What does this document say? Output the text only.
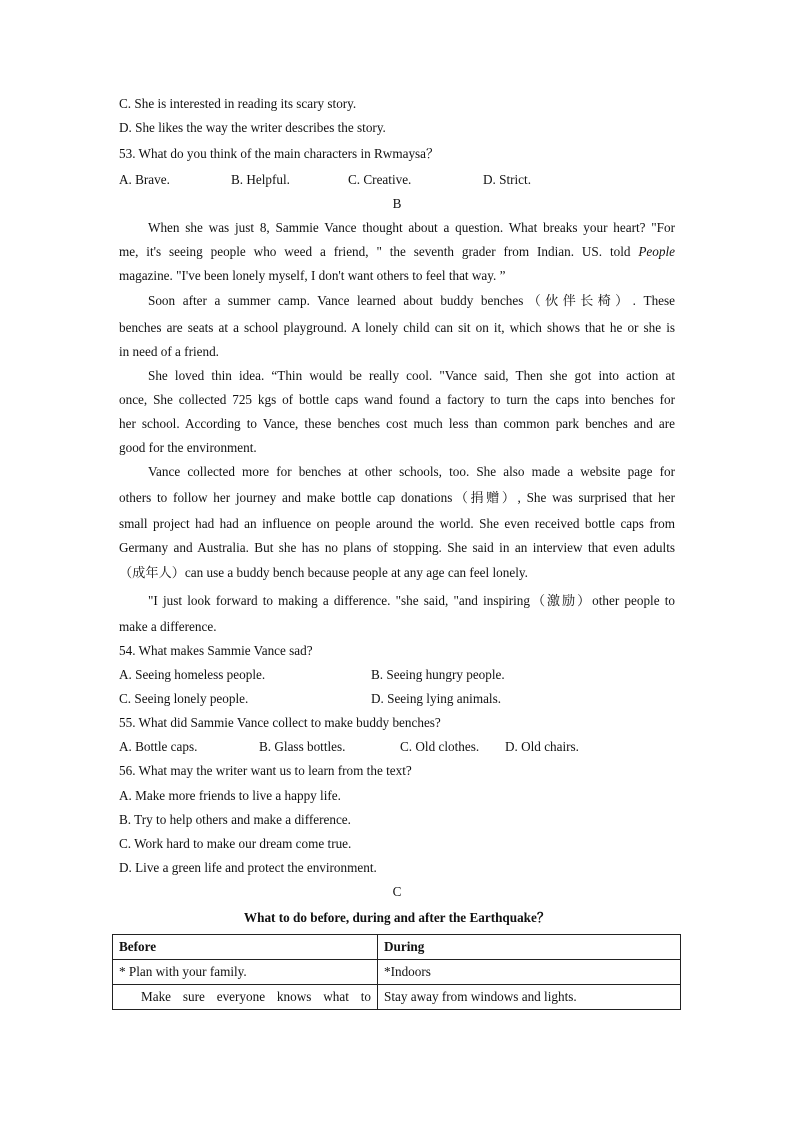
C. She is interested in reading its scary story.
D. She likes the way the writer describes the story.
53. What do you think of the main characters in Rwmaysa？
A. Brave.	B. Helpful.	C. Creative.	D. Strict.
B
When she was just 8, Sammie Vance thought about a question. What breaks your heart? "For
me, it's seeing people who weed a friend, " the seventh grader from Indian. US. told People
magazine. "I've been lonely myself, I don't want others to feel that way. ”
Soon after a summer camp. Vance learned about buddy benches（伙伴长椅）. These
benches are seats at a school playground. A lonely child can sit on it, which shows that he or she is
in need of a friend.
She loved thin idea. “Thin would be really cool. "Vance said, Then she got into action at
once, She collected 725 kgs of bottle caps wand found a factory to turn the caps into benches for
her school. According to Vance, these benches cost much less than common park benches and are
good for the environment.
Vance collected more for benches at other schools, too. She also made a website page for
others to follow her journey and make bottle cap donations（捐赠）, She was surprised that her
small project had had an influence on people around the world. She even received bottle caps from
Germany and Australia. But she has no plans of stopping. She said in an interview that even adults
（成年人）can use a buddy bench because people at any age can feel lonely.
"I just look forward to making a difference. "she said, "and inspiring（激励）other people to
make a difference.
54. What makes Sammie Vance sad?
A. Seeing homeless people.	B. Seeing hungry people.
C. Seeing lonely people.	D. Seeing lying animals.
55. What did Sammie Vance collect to make buddy benches?
A. Bottle caps.	B. Glass bottles.	C. Old clothes. D. Old chairs.
56. What may the writer want us to learn from the text?
A. Make more friends to live a happy life.
B. Try to help others and make a difference.
C. Work hard to make our dream come true.
D. Live a green life and protect the environment.
C
What to do before, during and after the Earthquake？
Before	During
* Plan with your family.	*Indoors
Make sure everyone knows what to	Stay away from windows and lights.
